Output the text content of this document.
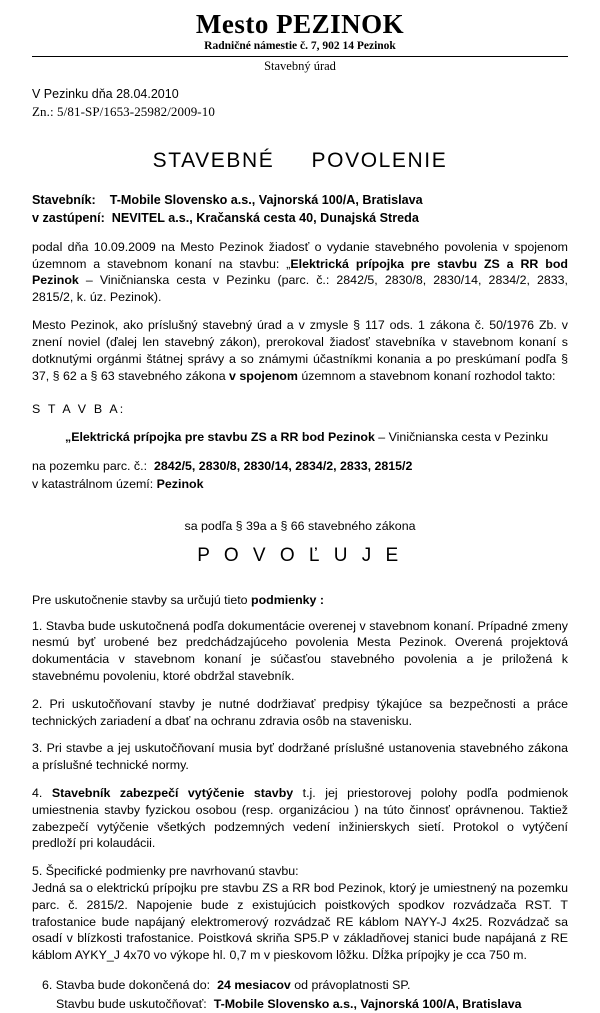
Mesto PEZINOK
Radničné námestie č. 7, 902 14 Pezinok
Stavebný úrad
V Pezinku dňa 28.04.2010
Zn.: 5/81-SP/1653-25982/2009-10
STAVEBNÉ     POVOLENIE
Stavebník: T-Mobile Slovensko a.s., Vajnorská 100/A, Bratislava
v zastúpení: NEVITEL a.s., Kračanská cesta 40, Dunajská Streda

podal dňa 10.09.2009 na Mesto Pezinok žiadosť o vydanie stavebného povolenia v spojenom územnom a stavebnom konaní na stavbu: „Elektrická prípojka pre stavbu ZS a RR bod Pezinok – Viničnianska cesta v Pezinku (parc. č.: 2842/5, 2830/8, 2830/14, 2834/2, 2833, 2815/2, k. úz. Pezinok).

Mesto Pezinok, ako príslušný stavebný úrad a v zmysle § 117 ods. 1 zákona č. 50/1976 Zb. v znení noviel (ďalej len stavebný zákon), prerokoval žiadosť stavebníka v stavebnom konaní s dotknutými orgánmi štátnej správy a so známymi účastníkmi konania a po preskúmaní podľa § 37, § 62 a § 63 stavebného zákona v spojenom územnom a stavebnom konaní rozhodol takto:

S T A V B A:

„Elektrická prípojka pre stavbu ZS a RR bod Pezinok – Viničnianska cesta v Pezinku

na pozemku parc. č.: 2842/5, 2830/8, 2830/14, 2834/2, 2833, 2815/2
v katastrálnom území: Pezinok

sa podľa § 39a a § 66 stavebného zákona

P O V O Ľ U J E

Pre uskutočnenie stavby sa určujú tieto podmienky :

1. Stavba bude uskutočnená podľa dokumentácie overenej v stavebnom konaní. Prípadné zmeny nesmú byť urobené bez predchádzajúceho povolenia Mesta Pezinok. Overená projektová dokumentácia v stavebnom konaní je súčasťou stavebného povolenia a je priložená k stavebnému povoleniu, ktoré obdržal stavebník.

2. Pri uskutočňovaní stavby je nutné dodržiavať predpisy týkajúce sa bezpečnosti a práce technických zariadení a dbať na ochranu zdravia osôb na stavenisku.

3. Pri stavbe a jej uskutočňovaní musia byť dodržané príslušné ustanovenia stavebného zákona a príslušné technické normy.

4. Stavebník zabezpečí vytýčenie stavby t.j. jej priestorovej polohy podľa podmienok umiestnenia stavby fyzickou osobou (resp. organizáciou ) na túto činnosť oprávnenou. Taktiež zabezpečí vytýčenie všetkých podzemných vedení inžinierskych sietí. Protokol o vytýčení predloží pri kolaudácii.

5. Špecifické podmienky pre navrhovanú stavbu:

Jedná sa o elektrickú prípojku pre stavbu ZS a RR bod Pezinok, ktorý je umiestnený na pozemku parc. č. 2815/2. Napojenie bude z existujúcich poistkových spodkov rozvádzača RST. T trafostanice bude napájaný elektromerový rozvádzač RE káblom NAYY-J 4x25. Rozvádzač sa osadí v blízkosti trafostanice. Poistková skriňa SP5.P v základňovej stanici bude napájaná z RE káblom AYKY_J 4x70 vo výkope hl. 0,7 m v pieskovom lôžku. Dĺžka prípojky je cca 750 m.

6. Stavba bude dokončená do: 24 mesiacov od právoplatnosti SP.
Stavbu bude uskutočňovať: T-Mobile Slovensko a.s., Vajnorská 100/A, Bratislava
